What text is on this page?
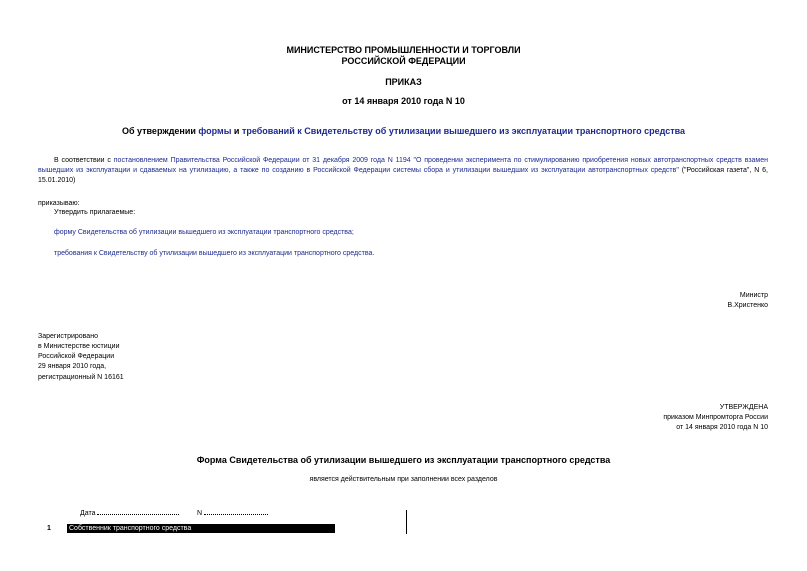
МИНИСТЕРСТВО ПРОМЫШЛЕННОСТИ И ТОРГОВЛИ
РОССИЙСКОЙ ФЕДЕРАЦИИ
ПРИКАЗ
от 14 января 2010 года N 10
Об утверждении формы и требований к Свидетельству об утилизации вышедшего из эксплуатации транспортного средства
В соответствии с постановлением Правительства Российской Федерации от 31 декабря 2009 года N 1194 "О проведении эксперимента по стимулированию приобретения новых автотранспортных средств взамен вышедших из эксплуатации и сдаваемых на утилизацию, а также по созданию в Российской Федерации системы сбора и утилизации вышедших из эксплуатации автотранспортных средств" ("Российская газета", N 6, 15.01.2010)
приказываю:
Утвердить прилагаемые:
форму Свидетельства об утилизации вышедшего из эксплуатации транспортного средства;
требования к Свидетельству об утилизации вышедшего из эксплуатации транспортного средства.
Министр
В.Христенко
Зарегистрировано
в Министерстве юстиции
Российской Федерации
29 января 2010 года,
регистрационный N 16161
УТВЕРЖДЕНА
приказом Минпромторга России
от 14 января 2010 года N 10
Форма Свидетельства об утилизации вышедшего из эксплуатации транспортного средства
является действительным при заполнении всех разделов
Дата	N
1	Собственник транспортного средства
